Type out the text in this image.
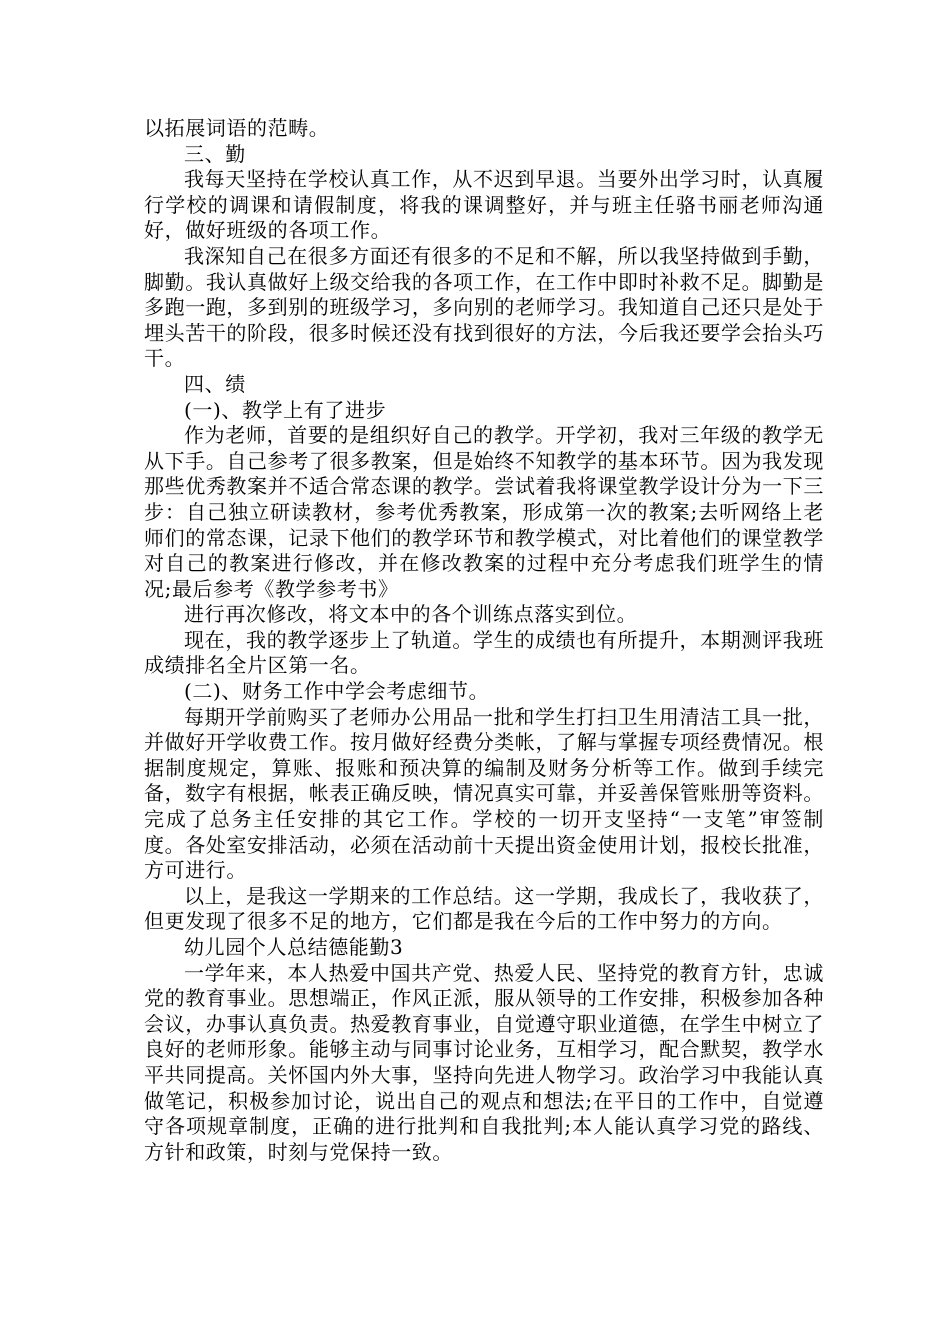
以拓展词语的范畴。

三、勤

我每天坚持在学校认真工作，从不迟到早退。当要外出学习时，认真履行学校的调课和请假制度，将我的课调整好，并与班主任骆书丽老师沟通好，做好班级的各项工作。

我深知自己在很多方面还有很多的不足和不解，所以我坚持做到手勤，脚勤。我认真做好上级交给我的各项工作，在工作中即时补救不足。脚勤是多跑一跑，多到别的班级学习，多向别的老师学习。我知道自己还只是处于埋头苦干的阶段，很多时候还没有找到很好的方法，今后我还要学会抬头巧干。

四、绩

(一)、教学上有了进步

作为老师，首要的是组织好自己的教学。开学初，我对三年级的教学无从下手。自己参考了很多教案，但是始终不知教学的基本环节。因为我发现那些优秀教案并不适合常态课的教学。尝试着我将课堂教学设计分为一下三步：自己独立研读教材，参考优秀教案，形成第一次的教案;去听网络上老师们的常态课，记录下他们的教学环节和教学模式，对比着他们的课堂教学对自己的教案进行修改，并在修改教案的过程中充分考虑我们班学生的情况;最后参考《教学参考书》

进行再次修改，将文本中的各个训练点落实到位。

现在，我的教学逐步上了轨道。学生的成绩也有所提升，本期测评我班成绩排名全片区第一名。

(二)、财务工作中学会考虑细节。

每期开学前购买了老师办公用品一批和学生打扫卫生用清洁工具一批，并做好开学收费工作。按月做好经费分类帐，了解与掌握专项经费情况。根据制度规定，算账、报账和预决算的编制及财务分析等工作。做到手续完备，数字有根据，帐表正确反映，情况真实可靠，并妥善保管账册等资料。完成了总务主任安排的其它工作。学校的一切开支坚持“一支笔”审签制度。各处室安排活动，必须在活动前十天提出资金使用计划，报校长批准，方可进行。

以上，是我这一学期来的工作总结。这一学期，我成长了，我收获了，但更发现了很多不足的地方，它们都是我在今后的工作中努力的方向。

幼儿园个人总结德能勤3

一学年来，本人热爱中国共产党、热爱人民、坚持党的教育方针，忠诚党的教育事业。思想端正，作风正派，服从领导的工作安排，积极参加各种会议，办事认真负责。热爱教育事业，自觉遵守职业道德，在学生中树立了良好的老师形象。能够主动与同事讨论业务，互相学习，配合默契，教学水平共同提高。关怀国内外大事，坚持向先进人物学习。政治学习中我能认真做笔记，积极参加讨论，说出自己的观点和想法;在平日的工作中，自觉遵守各项规章制度，正确的进行批判和自我批判;本人能认真学习党的路线、方针和政策，时刻与党保持一致。
